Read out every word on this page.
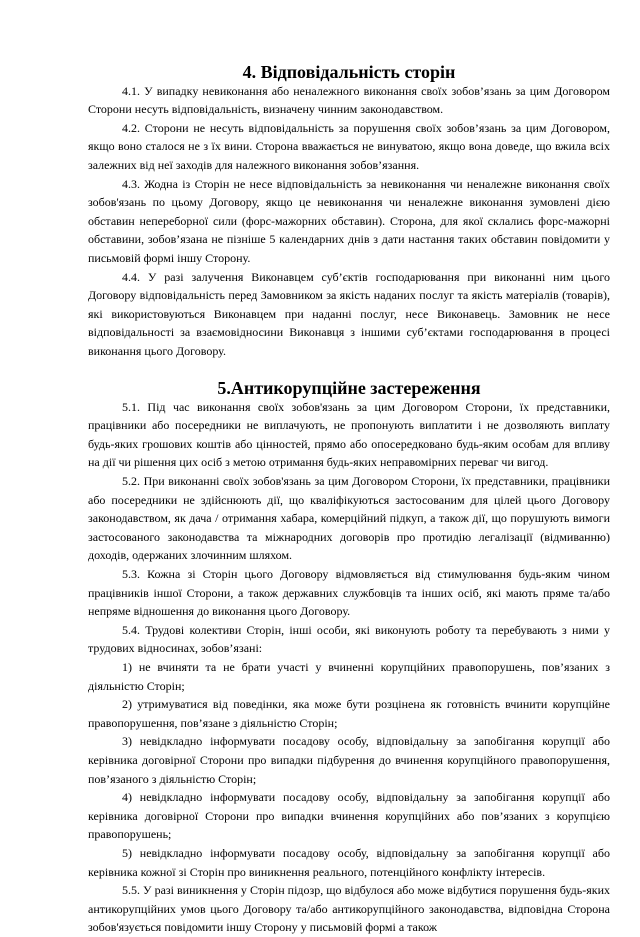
4. Відповідальність сторін

4.1. У випадку невиконання або неналежного виконання своїх зобов’язань за цим Договором Сторони несуть відповідальність, визначену чинним законодавством.

4.2. Сторони не несуть відповідальність за порушення своїх зобов’язань за цим Договором, якщо воно сталося не з їх вини. Сторона вважається не винуватою, якщо вона доведе, що вжила всіх залежних від неї заходів для належного виконання зобов’язання.

4.3. Жодна із Сторін не несе відповідальність за невиконання чи неналежне виконання своїх зобов'язань по цьому Договору, якщо це невиконання чи неналежне виконання зумовлені дією обставин непереборної сили (форс-мажорних обставин). Сторона, для якої склались форс-мажорні обставини, зобов’язана не пізніше 5 календарних днів з дати настання таких обставин повідомити у письмовій формі іншу Сторону.

4.4. У разі залучення Виконавцем суб’єктів господарювання при виконанні ним цього Договору відповідальність перед Замовником за якість наданих послуг та якість матеріалів (товарів), які використовуються Виконавцем при наданні послуг, несе Виконавець. Замовник не несе відповідальності за взаємовідносини Виконавця з іншими суб’єктами господарювання в процесі виконання цього Договору.

5.Антикорупційне застереження

5.1. Під час виконання своїх зобов'язань за цим Договором Сторони, їх представники, працівники або посередники не виплачують, не пропонують виплатити і не дозволяють виплату будь-яких грошових коштів або цінностей, прямо або опосередковано будь-яким особам для впливу на дії чи рішення цих осіб з метою отримання будь-яких неправомірних переваг чи вигод.

5.2. При виконанні своїх зобов'язань за цим Договором Сторони, їх представники, працівники або посередники не здійснюють дії, що кваліфікуються застосованим для цілей цього Договору законодавством, як дача / отримання хабара, комерційний підкуп, а також дії, що порушують вимоги застосованого законодавства та міжнародних договорів про протидію легалізації (відмиванню) доходів, одержаних злочинним шляхом.

5.3. Кожна зі Сторін цього Договору відмовляється від стимулювання будь-яким чином працівників іншої Сторони, а також державних службовців та інших осіб, які мають пряме та/або непряме відношення до виконання цього Договору.

5.4. Трудові колективи Сторін, інші особи, які виконують роботу та перебувають з ними у трудових відносинах, зобов’язані:

1) не вчиняти та не брати участі у вчиненні корупційних правопорушень, пов’язаних з діяльністю Сторін;

2) утримуватися від поведінки, яка може бути розцінена як готовність вчинити корупційне правопорушення, пов’язане з діяльністю Сторін;

3) невідкладно інформувати посадову особу, відповідальну за запобігання корупції або керівника договірної Сторони про випадки підбурення до вчинення корупційного правопорушення, пов’язаного з діяльністю Сторін;

4) невідкладно інформувати посадову особу, відповідальну за запобігання корупції або керівника договірної Сторони про випадки вчинення корупційних або пов’язаних з корупцією правопорушень;

5) невідкладно інформувати посадову особу, відповідальну за запобігання корупції або керівника кожної зі Сторін про виникнення реального, потенційного конфлікту інтересів.

5.5. У разі виникнення у Сторін підозр, що відбулося або може відбутися порушення будь-яких антикорупційних умов цього Договору та/або антикорупційного законодавства, відповідна Сторона зобов'язується повідомити іншу Сторону у письмовій формі а також
